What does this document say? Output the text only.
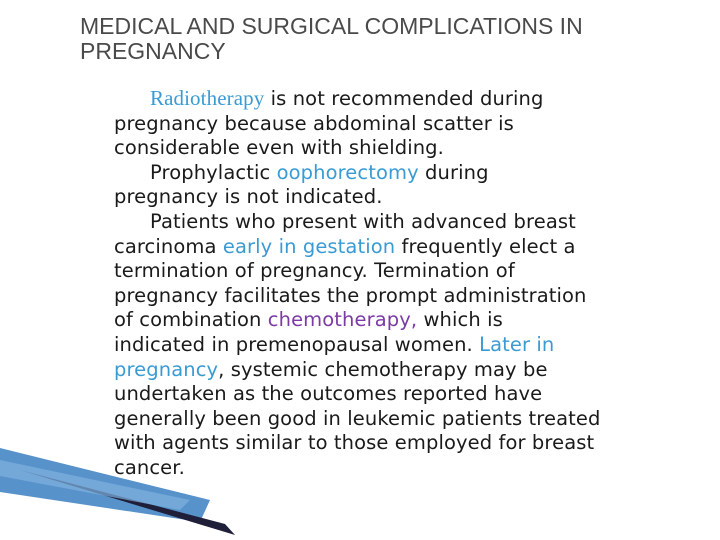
MEDICAL AND SURGICAL COMPLICATIONS IN PREGNANCY
Radiotherapy is not recommended during
pregnancy because abdominal scatter is
considerable even with shielding.
Prophylactic oophorectomy during
pregnancy is not indicated.
Patients who present with advanced breast
carcinoma early in gestation frequently elect a
termination of pregnancy. Termination of
pregnancy facilitates the prompt administration
of combination chemotherapy, which is
indicated in premenopausal women. Later in
pregnancy, systemic chemotherapy may be
undertaken as the outcomes reported have
generally been good in leukemic patients treated
with agents similar to those employed for breast
cancer.
